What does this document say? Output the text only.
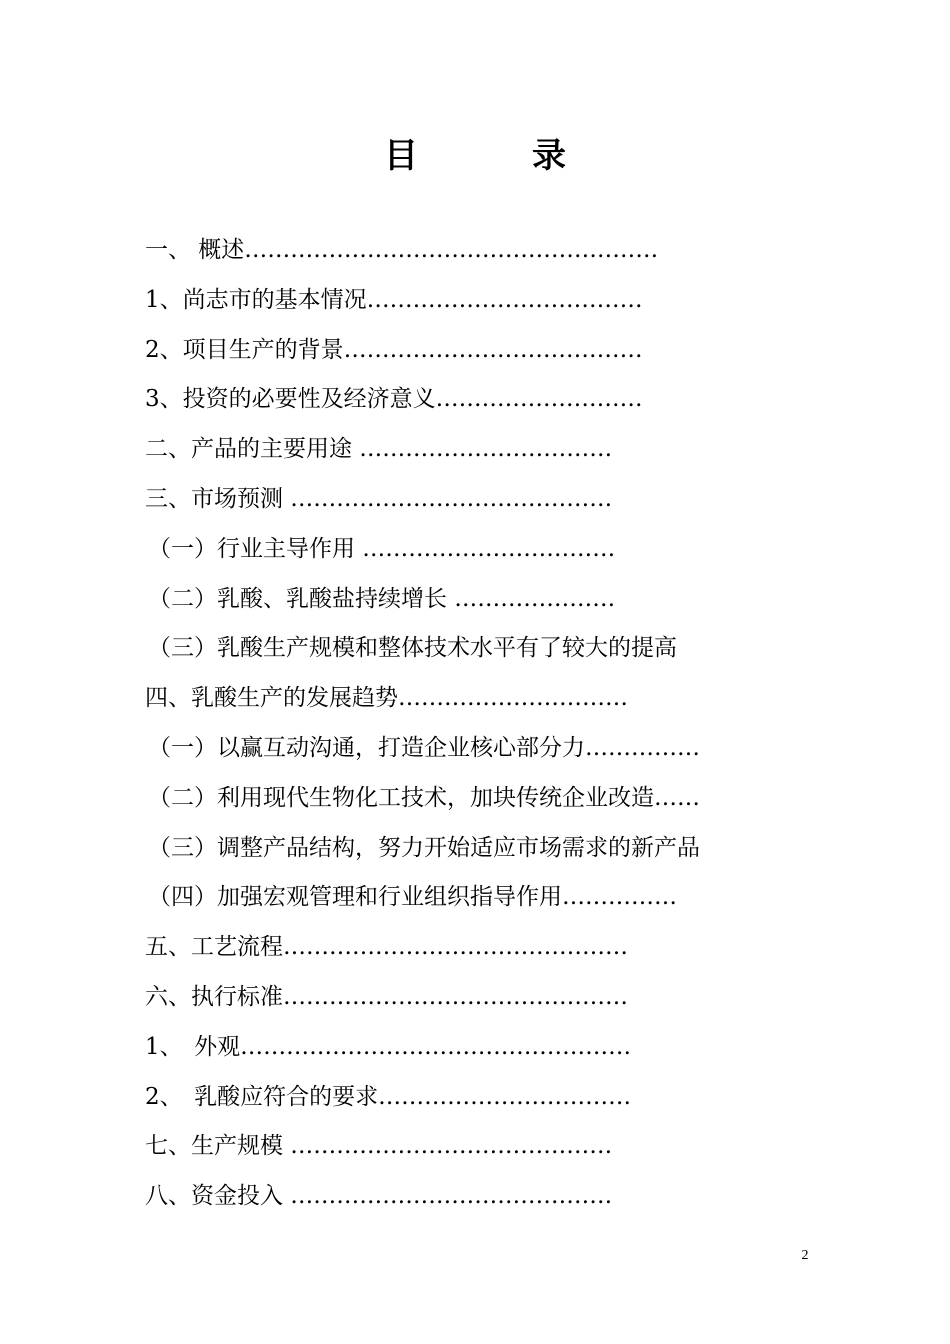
目　录
一、 概述………………………………………………
1、尚志市的基本情况………………………………
2、项目生产的背景…………………………………
3、投资的必要性及经济意义………………………
二、产品的主要用途 ……………………………
三、市场预测 ……………………………………
（一）行业主导作用 ……………………………
（二）乳酸、乳酸盐持续增长 …………………
（三）乳酸生产规模和整体技术水平有了较大的提高
四、乳酸生产的发展趋势…………………………
（一）以赢互动沟通，打造企业核心部分力……………
（二）利用现代生物化工技术，加块传统企业改造……
（三）调整产品结构，努力开始适应市场需求的新产品
（四）加强宏观管理和行业组织指导作用……………
五、工艺流程………………………………………
六、执行标准………………………………………
1、　外观……………………………………………
2、　乳酸应符合的要求……………………………
七、生产规模 ……………………………………
八、资金投入 ……………………………………
2
